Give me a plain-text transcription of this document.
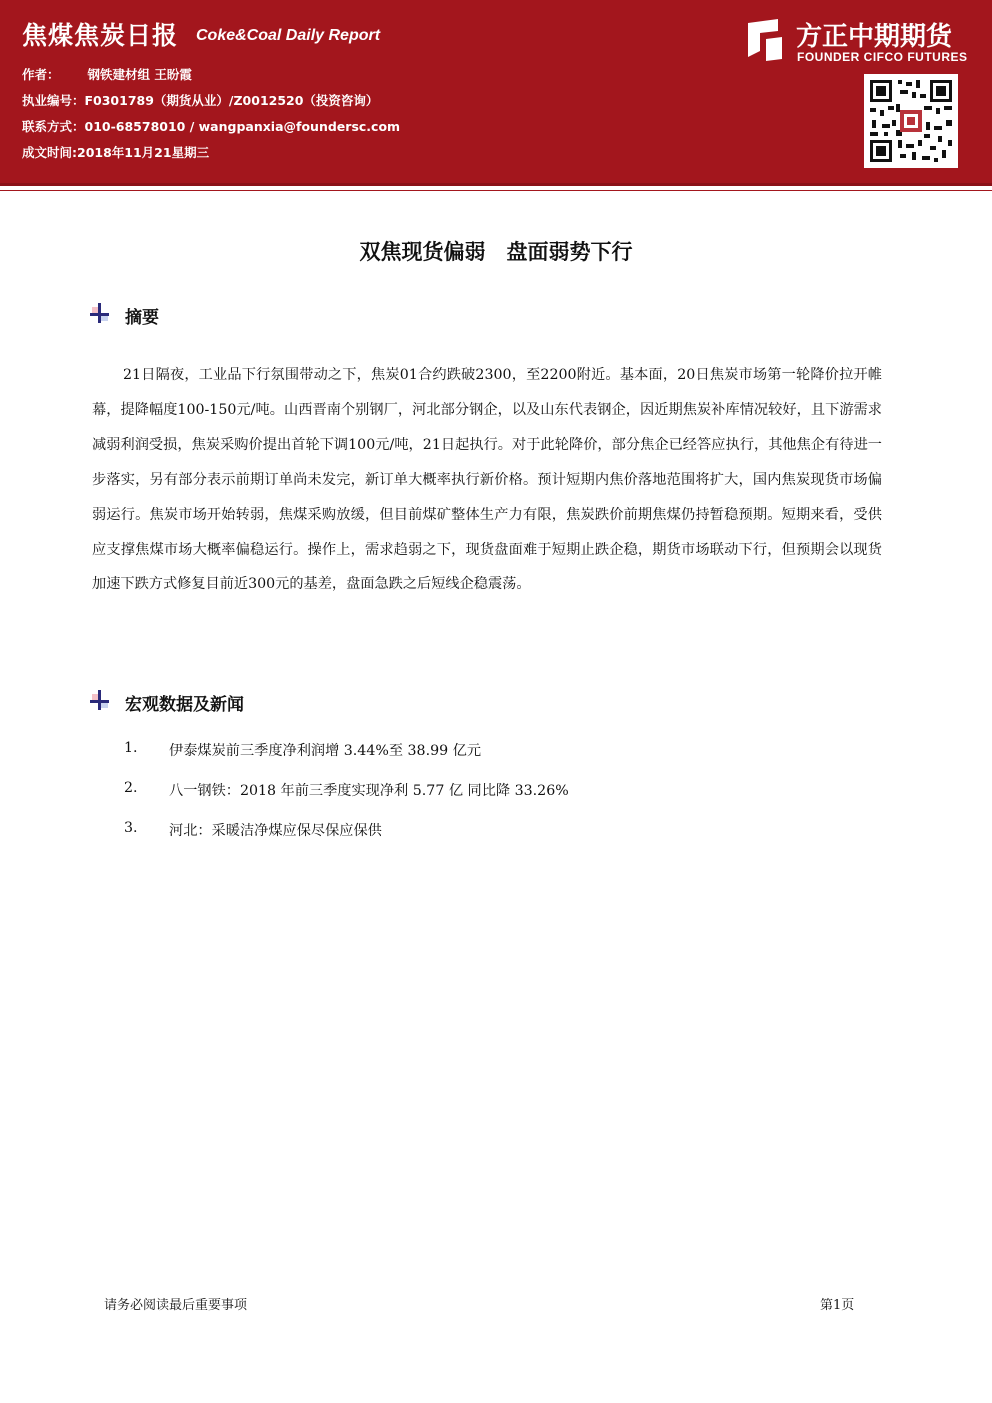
焦煤焦炭日报 Coke&Coal Daily Report
作者： 钢铁建材组 王盼霞
执业编号：F0301789（期货从业）/Z0012520（投资咨询）
联系方式：010-68578010 / wangpanxia@foundersc.com
成文时间:2018年11月21星期三
方正中期期货
FOUNDER CIFCO FUTURES
双焦现货偏弱　盘面弱势下行
摘要

21日隔夜，工业品下行氛围带动之下，焦炭01合约跌破2300，至2200附近。基本面，20日焦炭市场第一轮降价拉开帷幕，提降幅度100-150元/吨。山西晋南个别钢厂，河北部分钢企，以及山东代表钢企，因近期焦炭补库情况较好，且下游需求减弱利润受损，焦炭采购价提出首轮下调100元/吨，21日起执行。对于此轮降价，部分焦企已经答应执行，其他焦企有待进一步落实，另有部分表示前期订单尚未发完，新订单大概率执行新价格。预计短期内焦价落地范围将扩大，国内焦炭现货市场偏弱运行。焦炭市场开始转弱，焦煤采购放缓，但目前煤矿整体生产力有限，焦炭跌价前期焦煤仍持暂稳预期。短期来看，受供应支撑焦煤市场大概率偏稳运行。操作上，需求趋弱之下，现货盘面难于短期止跌企稳，期货市场联动下行，但预期会以现货加速下跌方式修复目前近300元的基差，盘面急跌之后短线企稳震荡。

宏观数据及新闻
1.	伊泰煤炭前三季度净利润增 3.44%至 38.99 亿元
2.	八一钢铁：2018 年前三季度实现净利 5.77 亿 同比降 33.26%
3.	河北：采暖洁净煤应保尽保应保供
请务必阅读最后重要事项	第1页
